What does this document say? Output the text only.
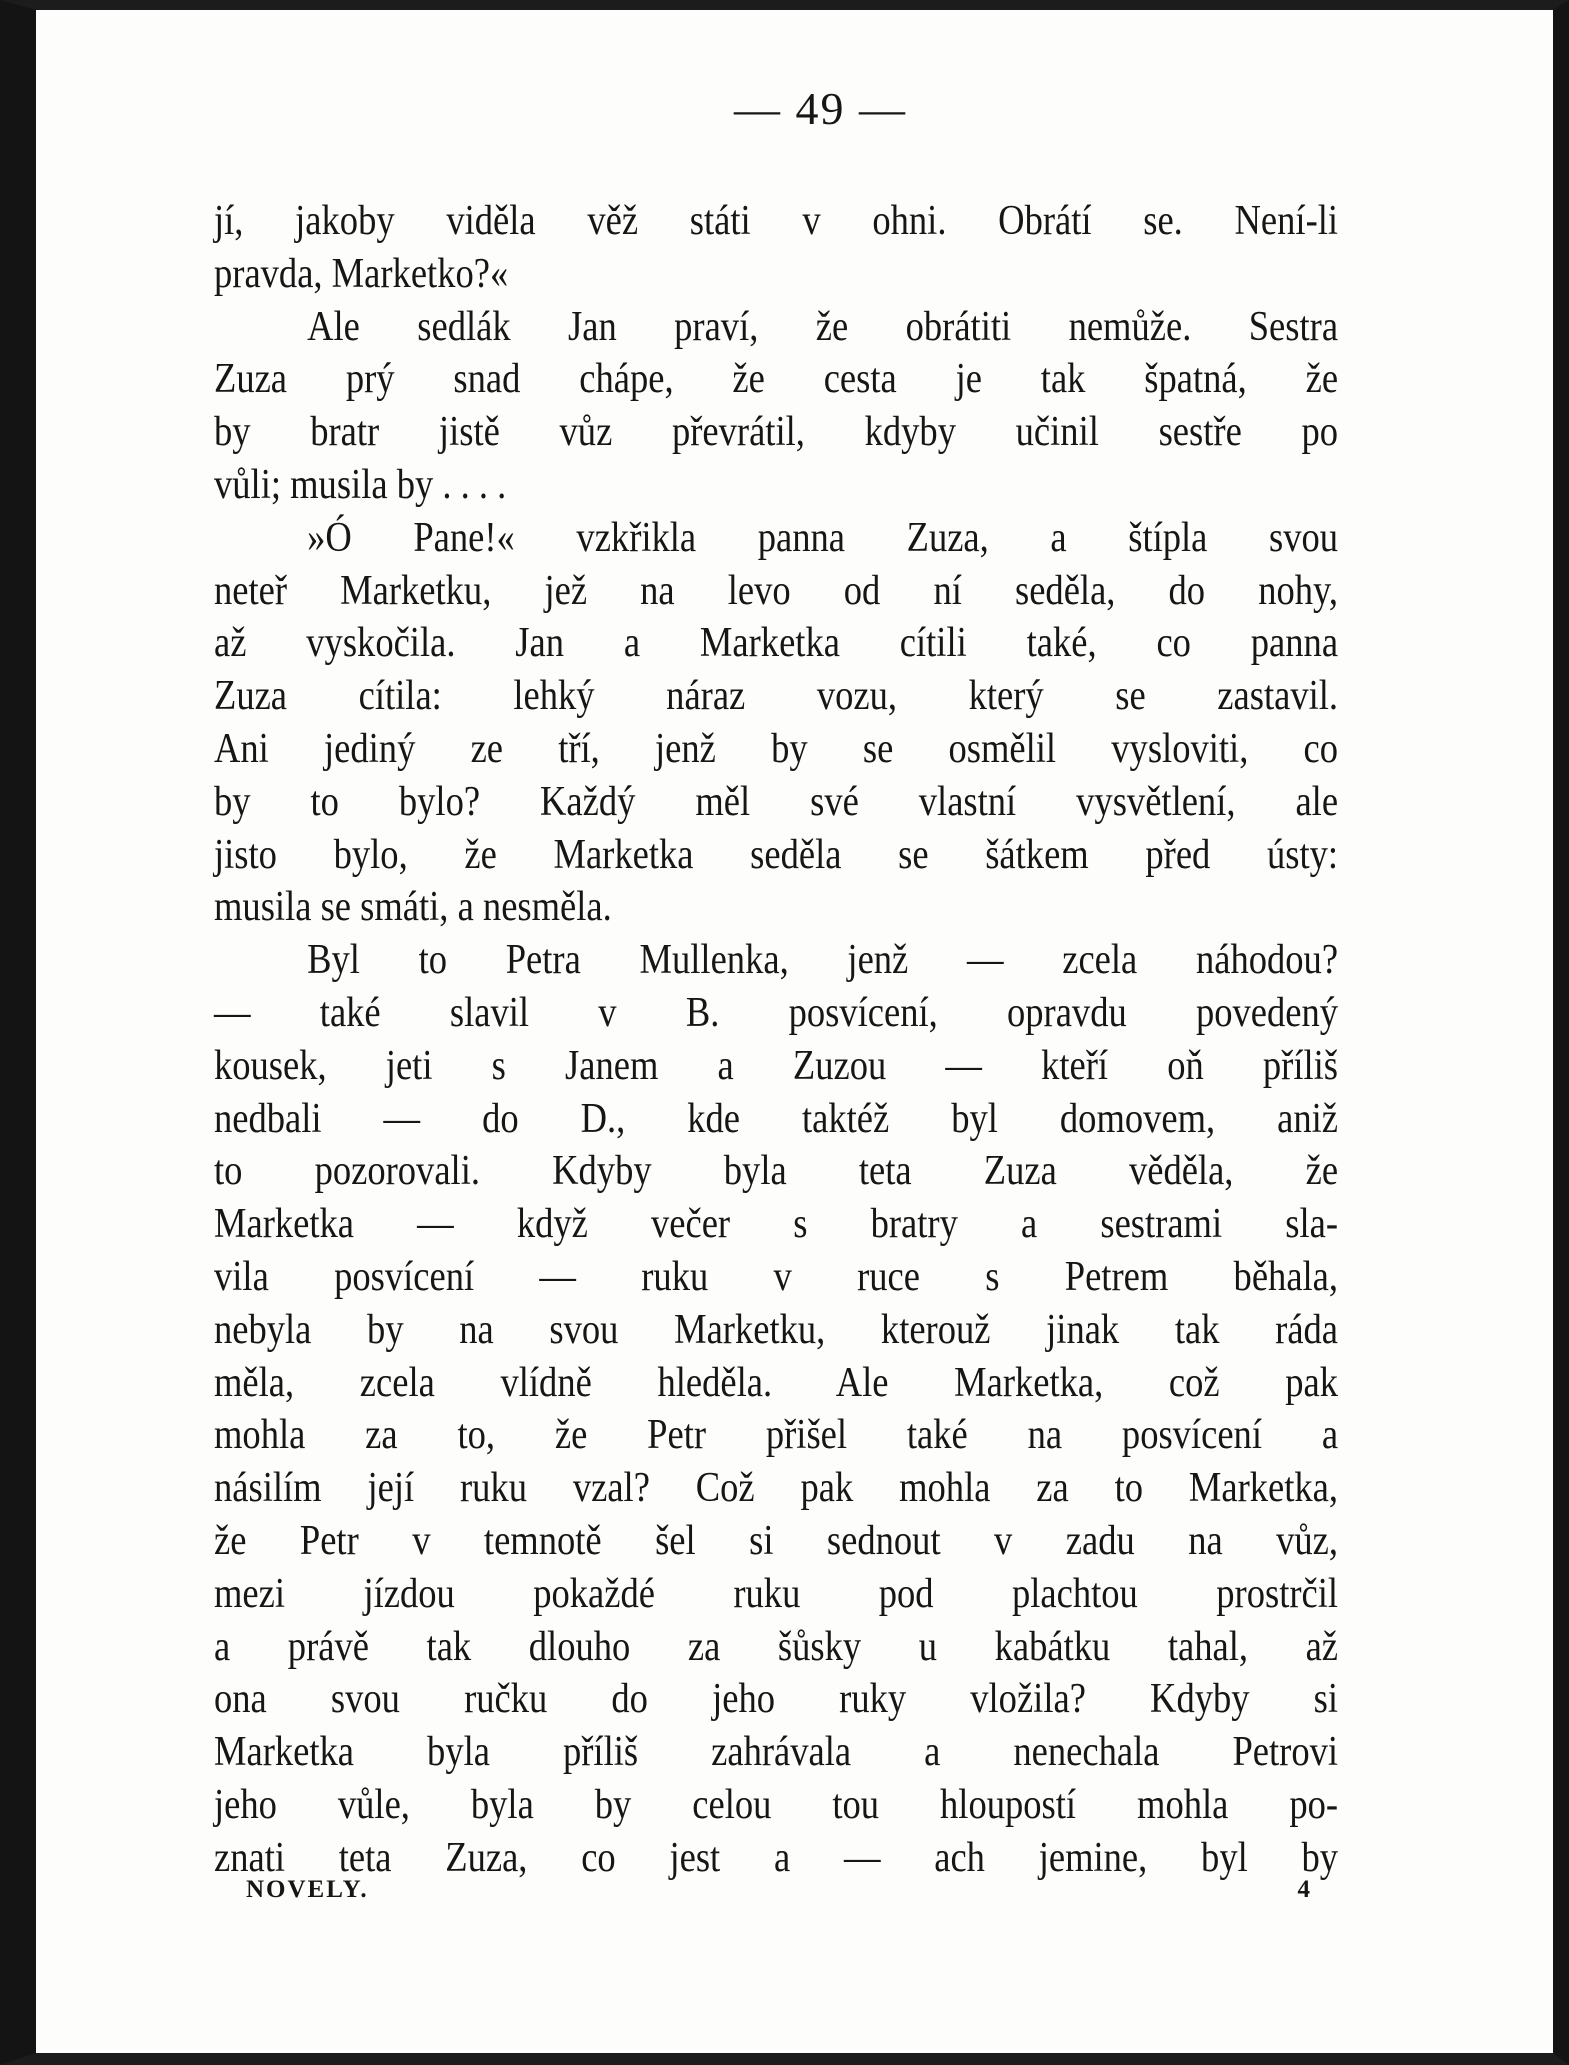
— 49 —
jí, jakoby viděla věž státi v ohni. Obrátí se. Není-li
pravda, Marketko?«
Ale sedlák Jan praví, že obrátiti nemůže. Sestra
Zuza prý snad chápe, že cesta je tak špatná, že
by bratr jistě vůz převrátil, kdyby učinil sestře po
vůli; musila by . . . .
»Ó Pane!« vzkřikla panna Zuza, a štípla svou
neteř Marketku, jež na levo od ní seděla, do nohy,
až vyskočila. Jan a Marketka cítili také, co panna
Zuza cítila: lehký náraz vozu, který se zastavil.
Ani jediný ze tří, jenž by se osmělil vysloviti, co
by to bylo? Každý měl své vlastní vysvětlení, ale
jisto bylo, že Marketka seděla se šátkem před ústy:
musila se smáti, a nesměla.
Byl to Petra Mullenka, jenž — zcela náhodou?
— také slavil v B. posvícení, opravdu povedený
kousek, jeti s Janem a Zuzou — kteří oň příliš
nedbali — do D., kde taktéž byl domovem, aniž
to pozorovali. Kdyby byla teta Zuza věděla, že
Marketka — když večer s bratry a sestrami sla-
vila posvícení — ruku v ruce s Petrem běhala,
nebyla by na svou Marketku, kterouž jinak tak ráda
měla, zcela vlídně hleděla. Ale Marketka, což pak
mohla za to, že Petr přišel také na posvícení a
násilím její ruku vzal? Což pak mohla za to Marketka,
že Petr v temnotě šel si sednout v zadu na vůz,
mezi jízdou pokaždé ruku pod plachtou prostrčil
a právě tak dlouho za šůsky u kabátku tahal, až
ona svou ručku do jeho ruky vložila? Kdyby si
Marketka byla příliš zahrávala a nenechala Petrovi
jeho vůle, byla by celou tou hloupostí mohla po-
znati teta Zuza, co jest a — ach jemine, byl by
NOVELY.	4
